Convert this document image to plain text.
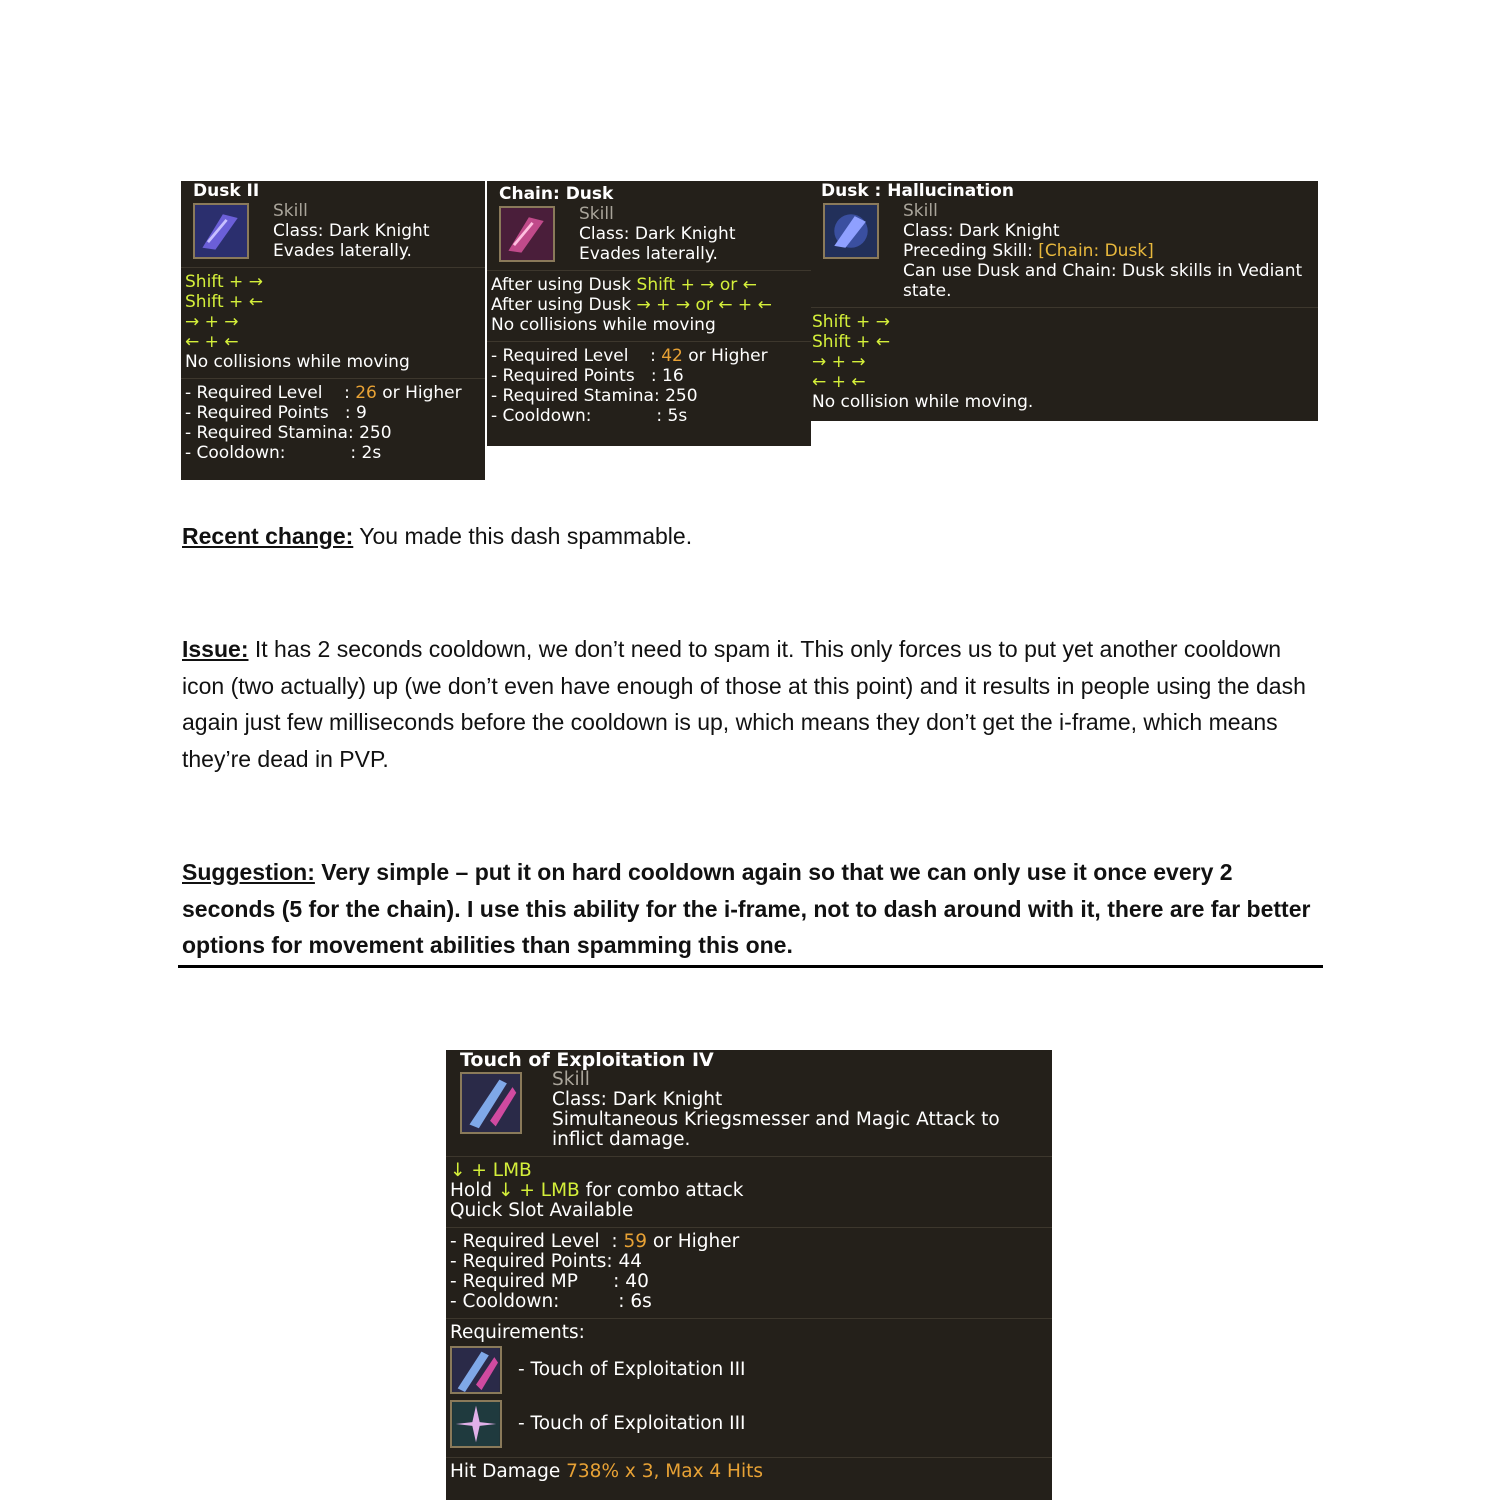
Dusk II
Skill
Class: Dark Knight
Evades laterally.
Shift + →
Shift + ←
→ + →
← + ←
No collisions while moving
- Required Level    : 26 or Higher
- Required Points   : 9
- Required Stamina: 250
- Cooldown:            : 2s
Chain: Dusk
Skill
Class: Dark Knight
Evades laterally.
After using Dusk Shift + → or ←
After using Dusk → + → or ← + ←
No collisions while moving
- Required Level    : 42 or Higher
- Required Points   : 16
- Required Stamina: 250
- Cooldown:            : 5s
Dusk : Hallucination
Skill
Class: Dark Knight
Preceding Skill: [Chain: Dusk]
Can use Dusk and Chain: Dusk skills in Vediant state.
Shift + →
Shift + ←
→ + →
← + ←
No collision while moving.
Recent change: You made this dash spammable.
Issue: It has 2 seconds cooldown, we don’t need to spam it. This only forces us to put yet another cooldown icon (two actually) up (we don’t even have enough of those at this point) and it results in people using the dash again just few milliseconds before the cooldown is up, which means they don’t get the i-frame, which means they’re dead in PVP.
Suggestion: Very simple – put it on hard cooldown again so that we can only use it once every 2 seconds (5 for the chain). I use this ability for the i-frame, not to dash around with it, there are far better options for movement abilities than spamming this one.
Touch of Exploitation IV
Skill
Class: Dark Knight
Simultaneous Kriegsmesser and Magic Attack to inflict damage.
↓ + LMB
Hold ↓ + LMB for combo attack
Quick Slot Available
- Required Level  : 59 or Higher
- Required Points: 44
- Required MP      : 40
- Cooldown:          : 6s
Requirements:
- Touch of Exploitation III
- Touch of Exploitation III
Hit Damage 738% x 3, Max 4 Hits
